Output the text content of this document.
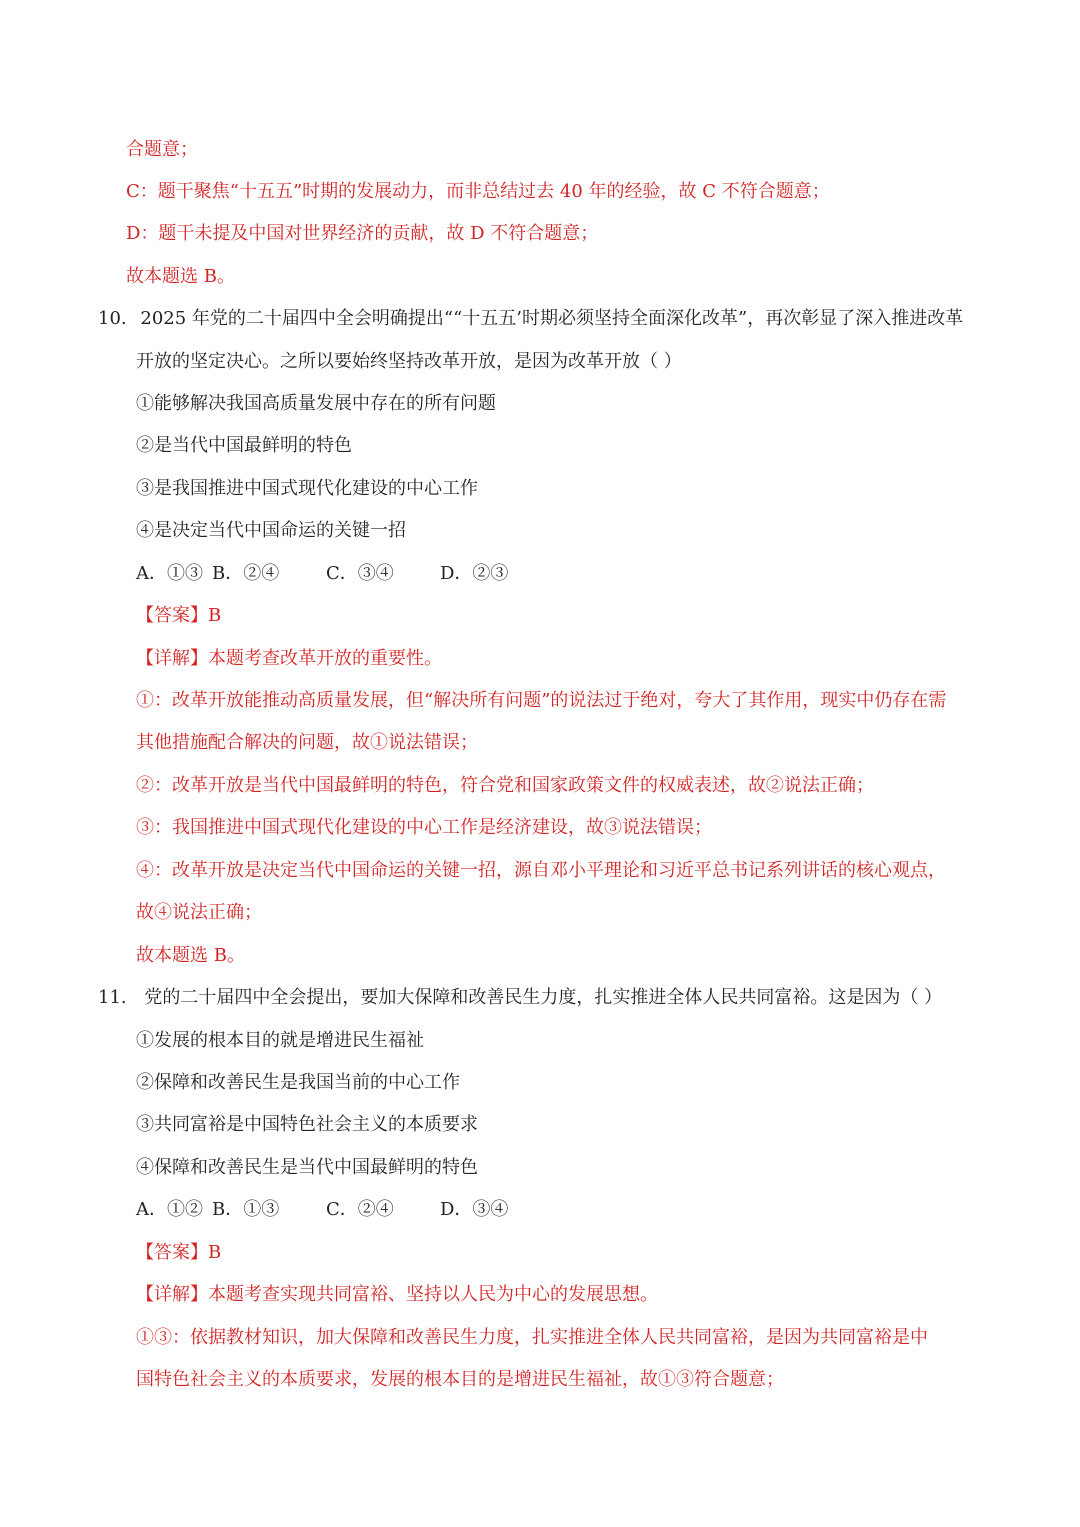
合题意；
C：题干聚焦“十五五”时期的发展动力，而非总结过去 40 年的经验，故 C 不符合题意；
D：题干未提及中国对世界经济的贡献，故 D 不符合题意；
故本题选 B。
10. 2025 年党的二十届四中全会明确提出““十五五’时期必须坚持全面深化改革”，再次彰显了深入推进改革
开放的坚定决心。之所以要始终坚持改革开放，是因为改革开放（ ）
①能够解决我国高质量发展中存在的所有问题
②是当代中国最鲜明的特色
③是我国推进中国式现代化建设的中心工作
④是决定当代中国命运的关键一招
A．①③ B．②④	C．③④	D．②③
【答案】B
【详解】本题考查改革开放的重要性。
①：改革开放能推动高质量发展，但“解决所有问题”的说法过于绝对，夸大了其作用，现实中仍存在需
其他措施配合解决的问题，故①说法错误；
②：改革开放是当代中国最鲜明的特色，符合党和国家政策文件的权威表述，故②说法正确；
③：我国推进中国式现代化建设的中心工作是经济建设，故③说法错误；
④：改革开放是决定当代中国命运的关键一招，源自邓小平理论和习近平总书记系列讲话的核心观点，
故④说法正确；
故本题选 B。
11. 党的二十届四中全会提出，要加大保障和改善民生力度，扎实推进全体人民共同富裕。这是因为（ ）
①发展的根本目的就是增进民生福祉
②保障和改善民生是我国当前的中心工作
③共同富裕是中国特色社会主义的本质要求
④保障和改善民生是当代中国最鲜明的特色
A．①② B．①③	C．②④	D．③④
【答案】B
【详解】本题考查实现共同富裕、坚持以人民为中心的发展思想。
①③：依据教材知识，加大保障和改善民生力度，扎实推进全体人民共同富裕，是因为共同富裕是中
国特色社会主义的本质要求，发展的根本目的是增进民生福祉，故①③符合题意；
